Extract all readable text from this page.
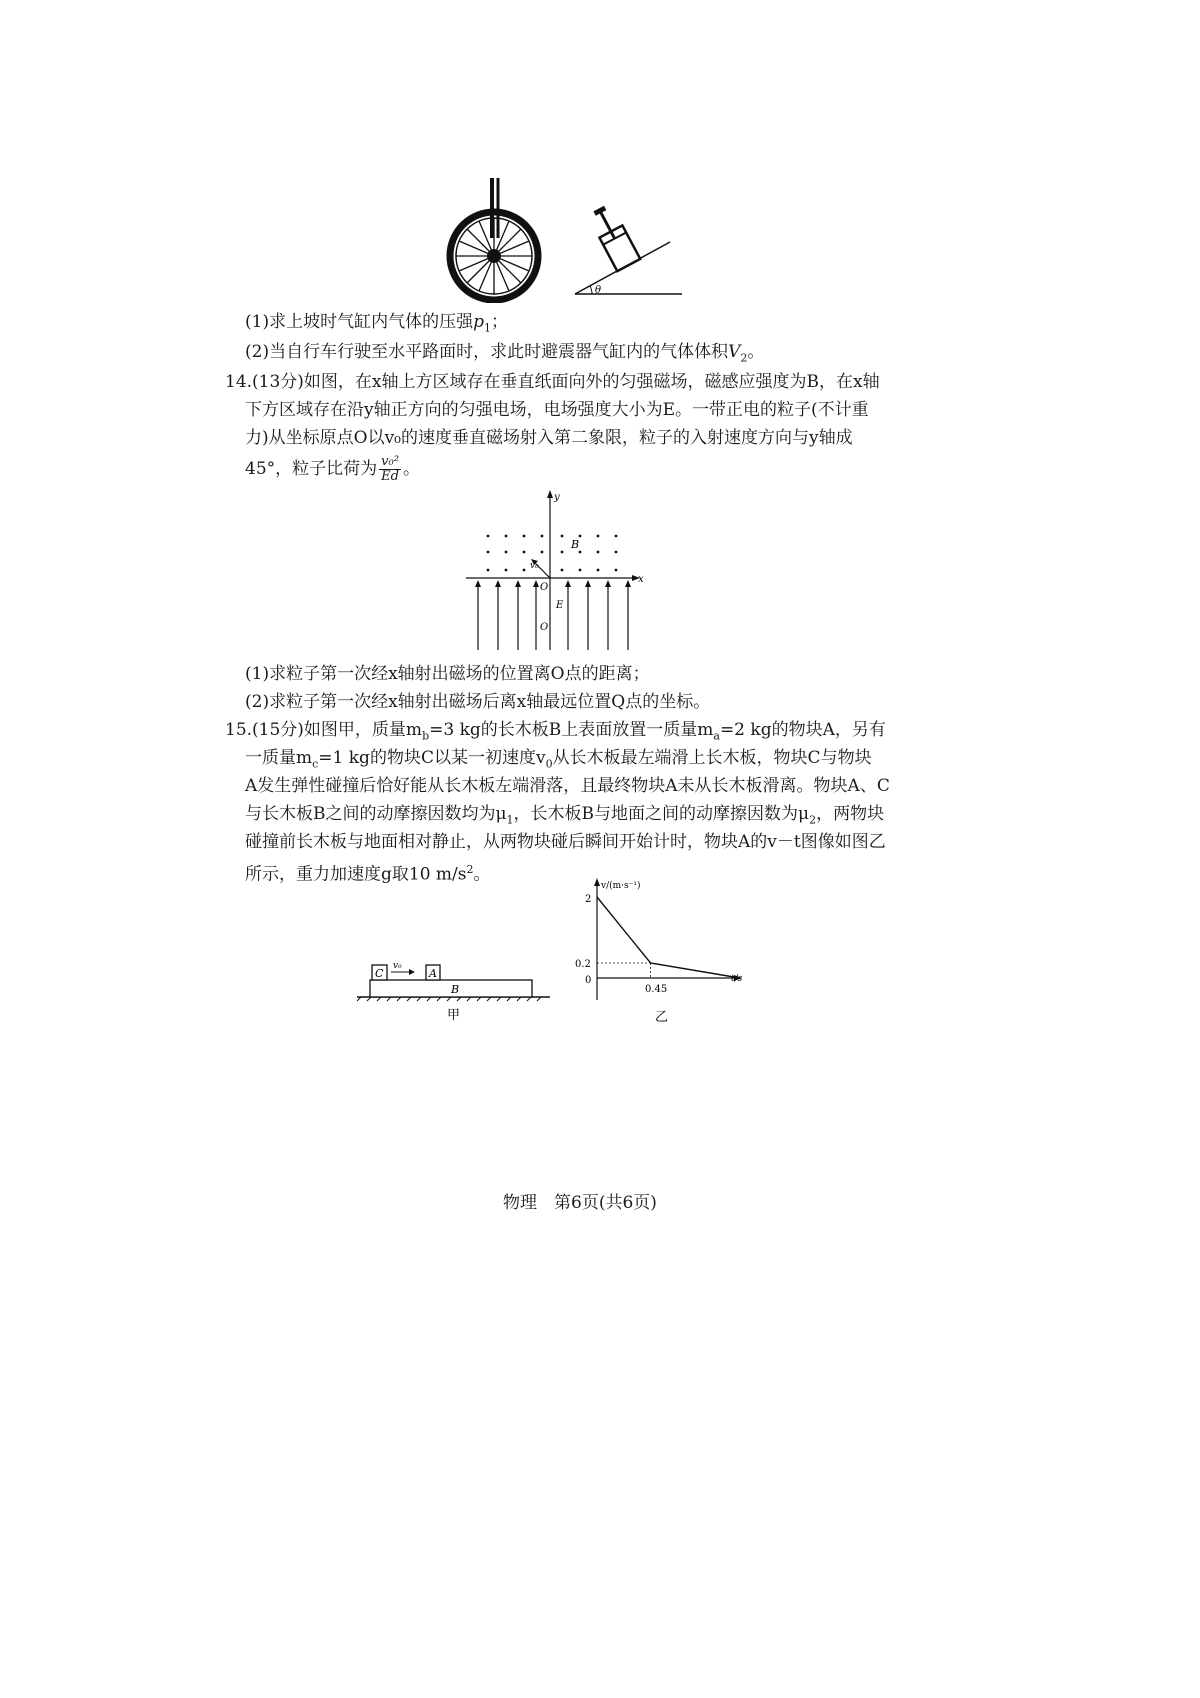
θ
(1)求上坡时气缸内气体的压强$p_1$；
(2)当自行车行驶至水平路面时，求此时避震器气缸内的气体体积$V_2$。
14.(13分)如图，在x轴上方区域存在垂直纸面向外的匀强磁场，磁感应强度为B，在x轴
下方区域存在沿y轴正方向的匀强电场，电场强度大小为E。一带正电的粒子(不计重
力)从坐标原点O以v₀的速度垂直磁场射入第二象限，粒子的入射速度方向与y轴成
45°，粒子比荷为 $\frac{\text{v₀²}}{Ed}$ 。
y
x
B
v₀
O
E
O
(1)求粒子第一次经x轴射出磁场的位置离O点的距离；
(2)求粒子第一次经x轴射出磁场后离x轴最远位置Q点的坐标。
15.(15分)如图甲，质量$m_b=3$ kg的长木板B上表面放置一质量$m_a=2$ kg的物块A，另有
一质量$m_c=1$ kg的物块C以某一初速度$v_0$从长木板最左端滑上长木板，物块C与物块
A发生弹性碰撞后恰好能从长木板左端滑落，且最终物块A未从长木板滑离。物块A、C
与长木板B之间的动摩擦因数均为$\mu_1$，长木板B与地面之间的动摩擦因数为$\mu_2$，两物块
碰撞前长木板与地面相对静止，从两物块碰后瞬间开始计时，物块A的v－t图像如图乙
所示，重力加速度g取10 $m/s^2$。
B
C
v₀
A
甲
v/(m·s⁻¹)
t/s
2
0.2
0
0.45
乙
物理　第6页(共6页)
